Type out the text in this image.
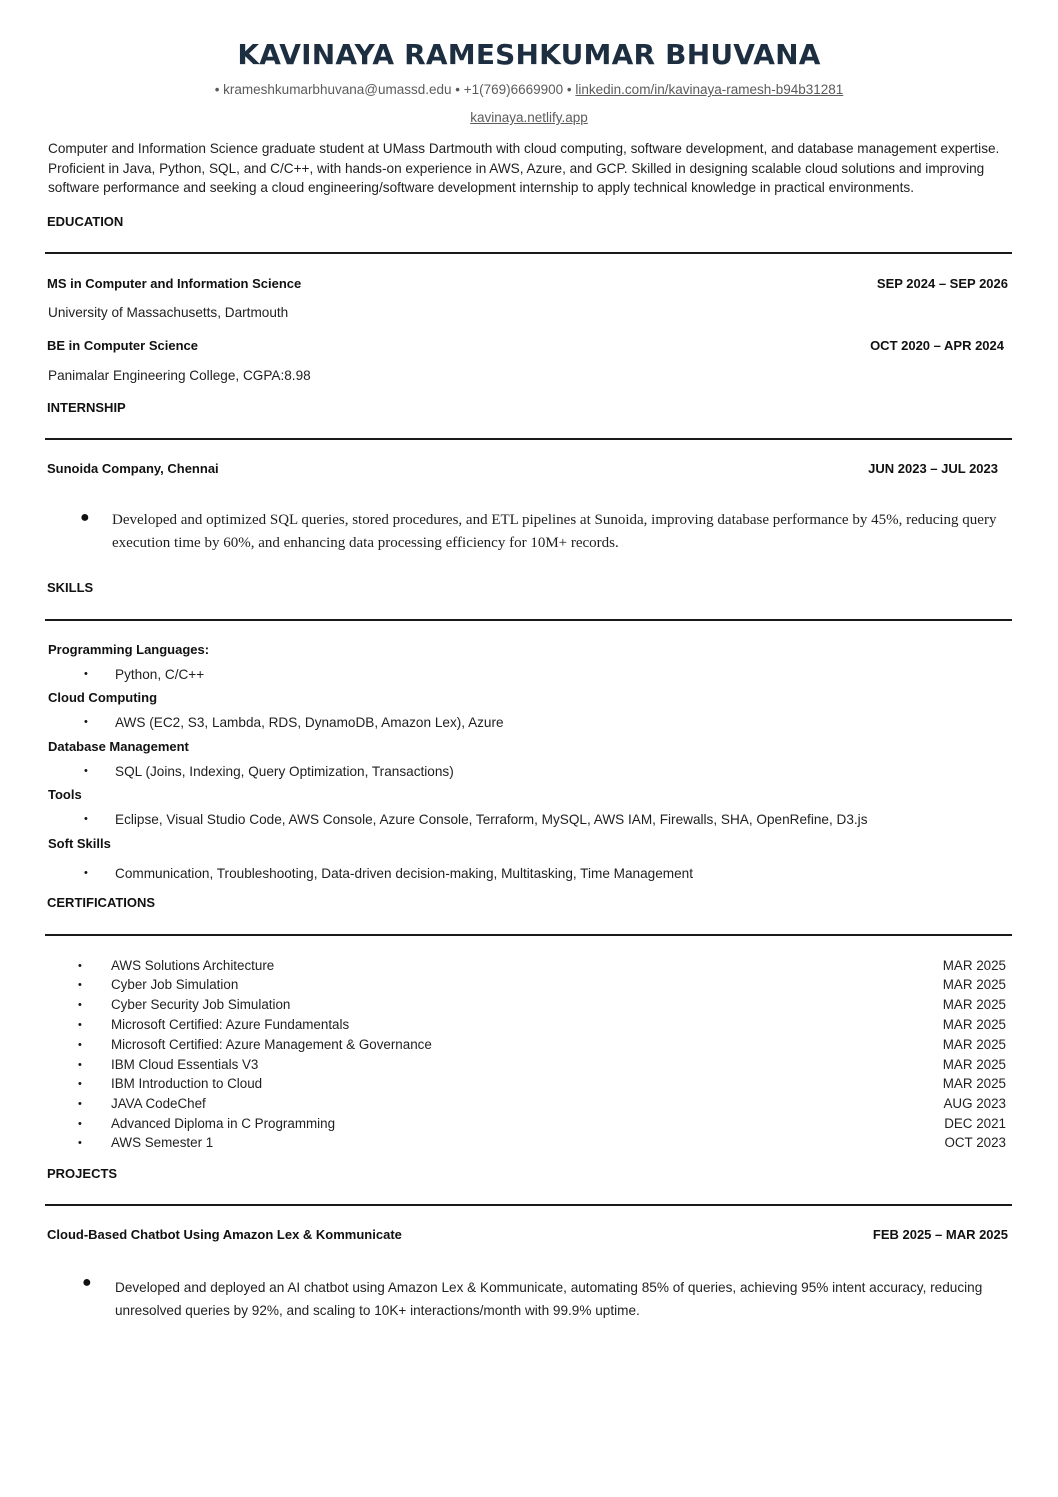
KAVINAYA RAMESHKUMAR BHUVANA
• krameshkumarbhuvana@umassd.edu • +1(769)6669900 • linkedin.com/in/kavinaya-ramesh-b94b31281
kavinaya.netlify.app
Computer and Information Science graduate student at UMass Dartmouth with cloud computing, software development, and database management expertise. Proficient in Java, Python, SQL, and C/C++, with hands-on experience in AWS, Azure, and GCP. Skilled in designing scalable cloud solutions and improving software performance and seeking a cloud engineering/software development internship to apply technical knowledge in practical environments.
EDUCATION
MS in Computer and Information Science	SEP 2024 – SEP 2026
University of Massachusetts, Dartmouth
BE in Computer Science	OCT 2020 – APR 2024
Panimalar Engineering College, CGPA:8.98
INTERNSHIP
Sunoida Company, Chennai	JUN 2023 – JUL 2023
● Developed and optimized SQL queries, stored procedures, and ETL pipelines at Sunoida, improving database performance by 45%, reducing query execution time by 60%, and enhancing data processing efficiency for 10M+ records.
SKILLS
Programming Languages:
• Python, C/C++
Cloud Computing
• AWS (EC2, S3, Lambda, RDS, DynamoDB, Amazon Lex), Azure
Database Management
• SQL (Joins, Indexing, Query Optimization, Transactions)
Tools
• Eclipse, Visual Studio Code, AWS Console, Azure Console, Terraform, MySQL, AWS IAM, Firewalls, SHA, OpenRefine, D3.js
Soft Skills
• Communication, Troubleshooting, Data-driven decision-making, Multitasking, Time Management
CERTIFICATIONS
• AWS Solutions Architecture	MAR 2025
• Cyber Job Simulation	MAR 2025
• Cyber Security Job Simulation	MAR 2025
• Microsoft Certified: Azure Fundamentals	MAR 2025
• Microsoft Certified: Azure Management & Governance	MAR 2025
• IBM Cloud Essentials V3	MAR 2025
• IBM Introduction to Cloud	MAR 2025
• JAVA CodeChef	AUG 2023
• Advanced Diploma in C Programming	DEC 2021
• AWS Semester 1	OCT 2023
PROJECTS
Cloud-Based Chatbot Using Amazon Lex & Kommunicate	FEB 2025 – MAR 2025
● Developed and deployed an AI chatbot using Amazon Lex & Kommunicate, automating 85% of queries, achieving 95% intent accuracy, reducing unresolved queries by 92%, and scaling to 10K+ interactions/month with 99.9% uptime.
